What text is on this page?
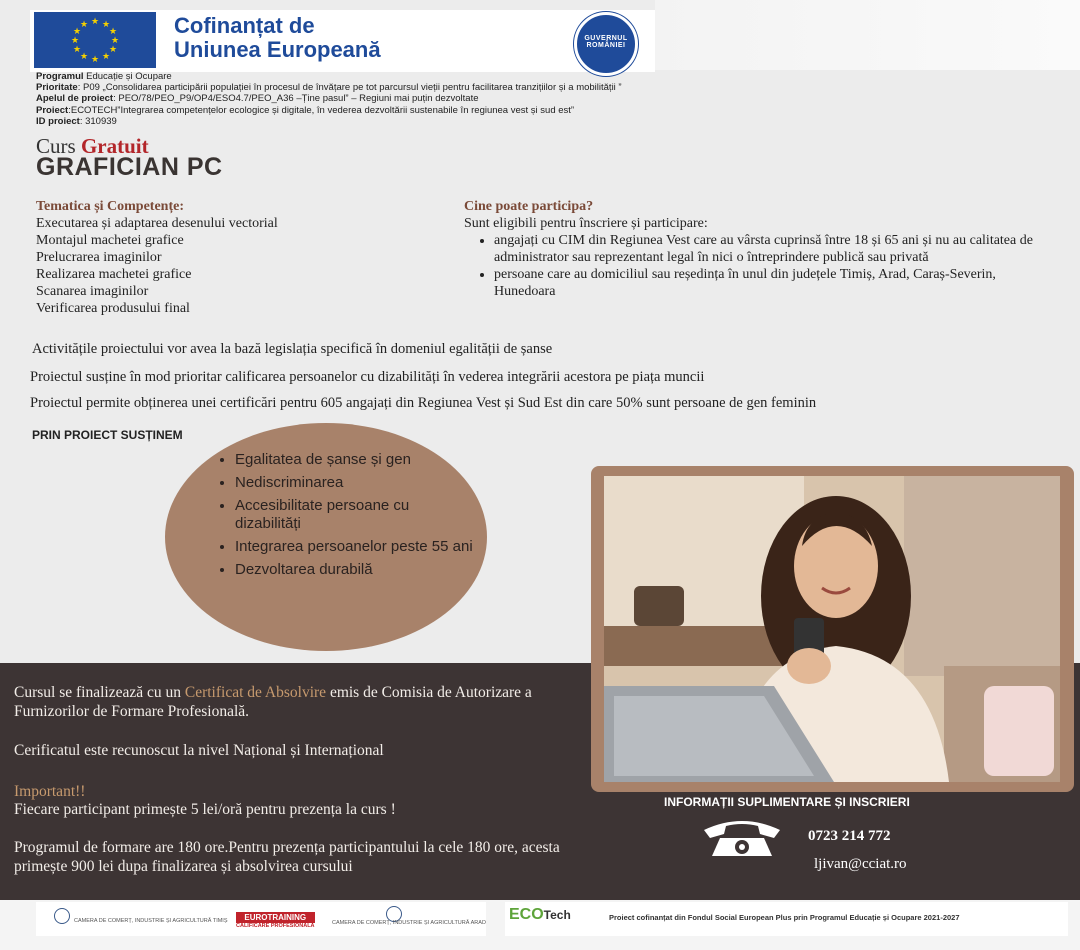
★ ★
★
★
★
★
★
★
★
★
★
★	Cofinanțat de
Uniunea Europeană	GUVERNUL ROMÂNIEI
Programul Educație și Ocupare
Prioritate: P09 „Consolidarea participării populației în procesul de învățare pe tot parcursul vieții pentru facilitarea tranzițiilor și a mobilității ”
Apelul de proiect: PEO/78/PEO_P9/OP4/ESO4.7/PEO_A36 –Ține pasul” – Regiuni mai puțin dezvoltate
Proiect:ECOTECH”Integrarea competențelor ecologice și digitale, în vederea dezvoltării sustenabile în regiunea vest și sud est”
ID proiect: 310939
Curs Gratuit
GRAFICIAN PC
Tematica și Competențe:
Executarea și adaptarea desenului vectorial
Montajul machetei grafice
Prelucrarea imaginilor
Realizarea machetei grafice
Scanarea imaginilor
Verificarea produsului final
Cine poate participa?
Sunt eligibili pentru înscriere și participare:
• angajați cu CIM din Regiunea Vest care au vârsta cuprinsă între 18 și 65 ani și nu au calitatea de administrator sau reprezentant legal în nici o întreprindere publică sau privată
• persoane care au domiciliul sau reședința în unul din județele Timiș, Arad, Caraș-Severin, Hunedoara
Activitățile proiectului vor avea la bază legislația specifică în domeniul egalității de șanse
Proiectul susține în mod prioritar calificarea persoanelor cu dizabilități în vederea integrării acestora pe piața muncii
Proiectul permite obținerea unei certificări pentru 605 angajați din Regiunea Vest și Sud Est din care 50% sunt persoane de gen feminin
PRIN PROIECT SUSȚINEM
• Egalitatea de șanse și gen
• Nediscriminarea
• Accesibilitate persoane cu dizabilități
• Integrarea persoanelor peste 55 ani
• Dezvoltarea durabilă
Cursul se finalizează cu un Certificat de Absolvire emis de Comisia de Autorizare a Furnizorilor de Formare Profesională.
Cerificatul este recunoscut la nivel Național și Internațional
Important!!
Fiecare participant primește 5 lei/oră pentru prezența la curs !
Programul de formare are 180 ore.Pentru prezența participantului la cele 180 ore, acesta primește 900 lei dupa finalizarea și absolvirea cursului
INFORMAȚII SUPLIMENTARE ȘI INSCRIERI
0723 214 772
ljivan@cciat.ro
CAMERA DE COMERȚ, INDUSTRIE ȘI AGRICULTURĂ TIMIȘ	EUROTRAINING
CALIFICARE PROFESIONALĂ	CAMERA DE COMERȚ, INDUSTRIE ȘI AGRICULTURĂ ARAD ECOTech	Proiect cofinanțat din Fondul Social European Plus prin Programul Educație și Ocupare 2021-2027
